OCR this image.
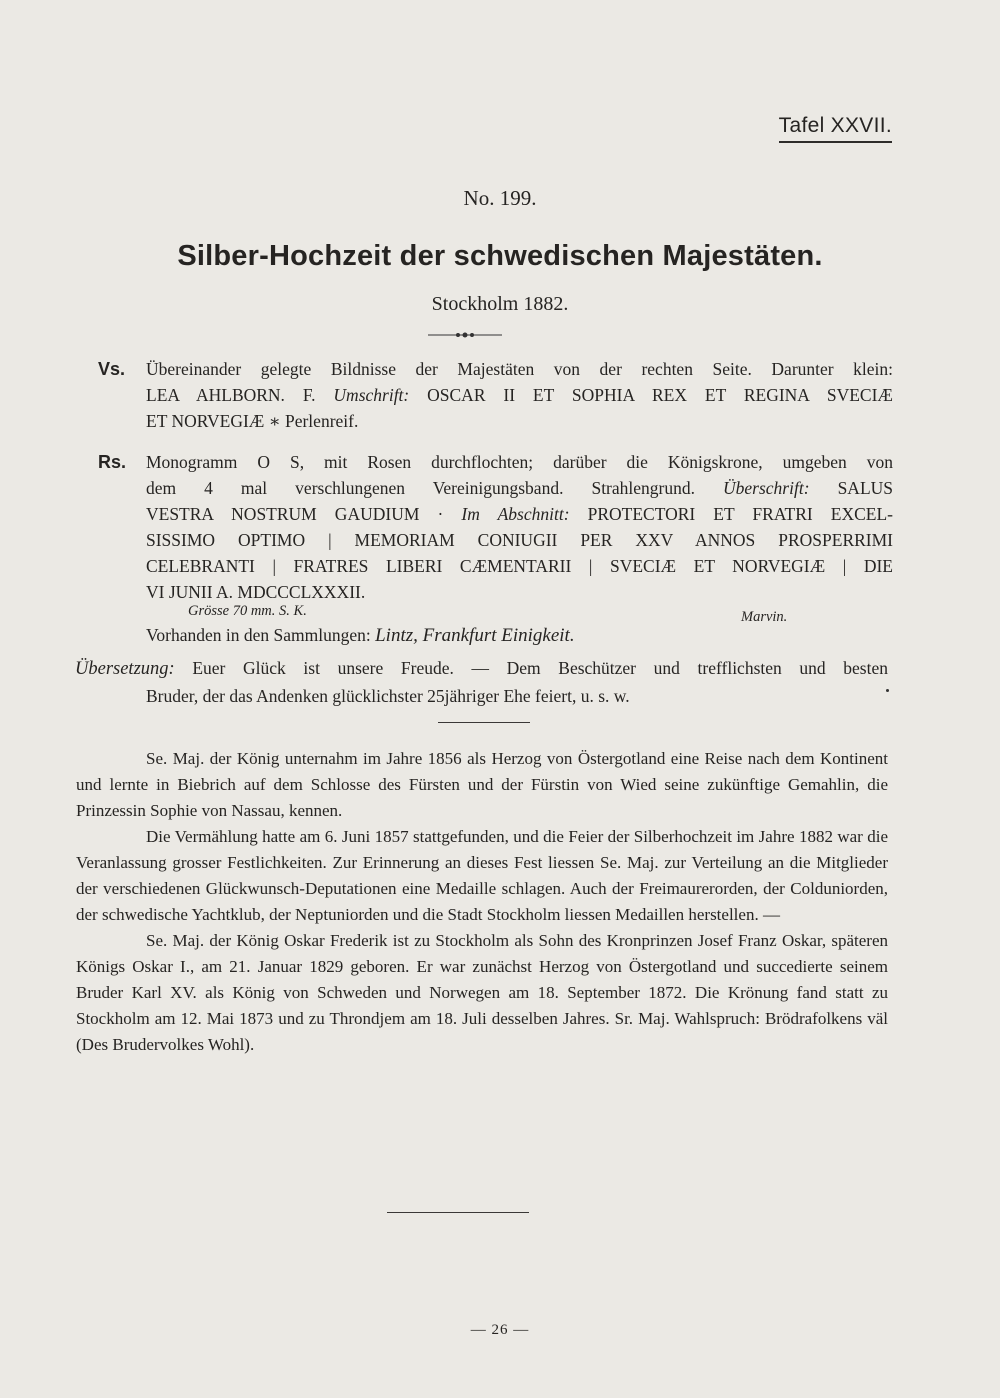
Tafel XXVII.
No. 199.
Silber-Hochzeit der schwedischen Majestäten.
Stockholm 1882.
Vs. Übereinander gelegte Bildnisse der Majestäten von der rechten Seite. Darunter klein:
LEA AHLBORN. F. Umschrift: OSCAR II ET SOPHIA REX ET REGINA SVECIÆ
ET NORVEGIÆ ∗ Perlenreif.
Rs. Monogramm O S, mit Rosen durchflochten; darüber die Königskrone, umgeben von
dem 4 mal verschlungenen Vereinigungsband. Strahlengrund. Überschrift: SALUS
VESTRA NOSTRUM GAUDIUM · Im Abschnitt: PROTECTORI ET FRATRI EXCEL-
SISSIMO OPTIMO | MEMORIAM CONIUGII PER XXV ANNOS PROSPERRIMI
CELEBRANTI | FRATRES LIBERI CÆMENTARII | SVECIÆ ET NORVEGIÆ | DIE
VI JUNII A. MDCCCLXXXII.
Grösse 70 mm. S. K.	Marvin.
Vorhanden in den Sammlungen: Lintz, Frankfurt Einigkeit.
Übersetzung: Euer Glück ist unsere Freude. — Dem Beschützer und trefflichsten und besten
Bruder, der das Andenken glücklichster 25jähriger Ehe feiert, u. s. w.

Se. Maj. der König unternahm im Jahre 1856 als Herzog von Östergotland eine Reise nach dem Kontinent und lernte in Biebrich auf dem Schlosse des Fürsten und der Fürstin von Wied seine zukünftige Gemahlin, die Prinzessin Sophie von Nassau, kennen.

Die Vermählung hatte am 6. Juni 1857 stattgefunden, und die Feier der Silberhochzeit im Jahre 1882 war die Veranlassung grosser Festlichkeiten. Zur Erinnerung an dieses Fest liessen Se. Maj. zur Verteilung an die Mitglieder der verschiedenen Glückwunsch-Deputationen eine Medaille schlagen. Auch der Freimaurerorden, der Colduniorden, der schwedische Yachtklub, der Neptuniorden und die Stadt Stockholm liessen Medaillen herstellen. —

Se. Maj. der König Oskar Frederik ist zu Stockholm als Sohn des Kronprinzen Josef Franz Oskar, späteren Königs Oskar I., am 21. Januar 1829 geboren. Er war zunächst Herzog von Östergotland und succedierte seinem Bruder Karl XV. als König von Schweden und Norwegen am 18. September 1872. Die Krönung fand statt zu Stockholm am 12. Mai 1873 und zu Throndjem am 18. Juli desselben Jahres. Sr. Maj. Wahlspruch: Brödrafolkens väl (Des Brudervolkes Wohl).

— 26 —
